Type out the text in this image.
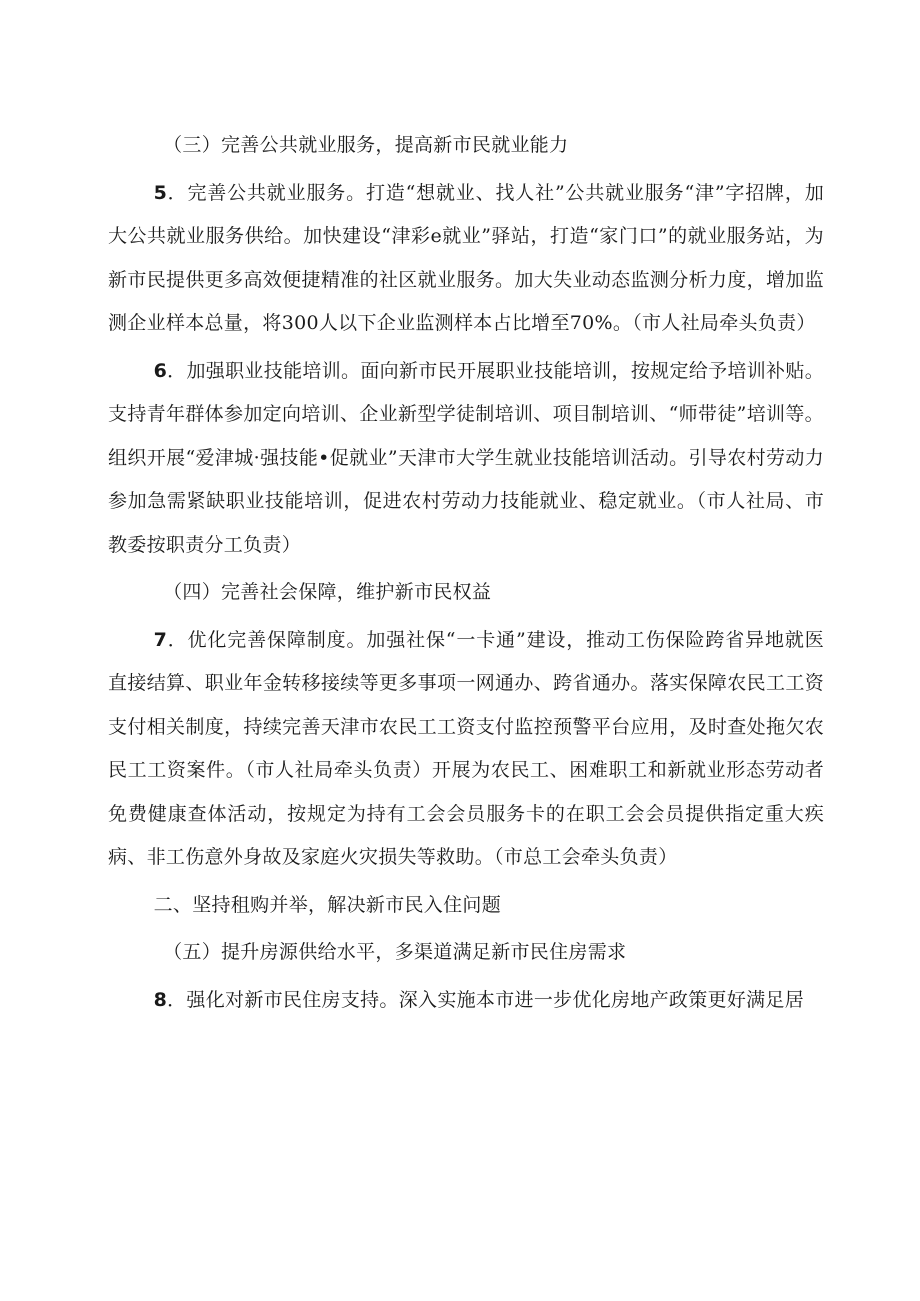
（三）完善公共就业服务，提高新市民就业能力

5．完善公共就业服务。打造“想就业、找人社”公共就业服务“津”字招牌，加大公共就业服务供给。加快建设“津彩e就业”驿站，打造“家门口”的就业服务站，为新市民提供更多高效便捷精准的社区就业服务。加大失业动态监测分析力度，增加监测企业样本总量，将300人以下企业监测样本占比增至70%。（市人社局牵头负责）

6．加强职业技能培训。面向新市民开展职业技能培训，按规定给予培训补贴。支持青年群体参加定向培训、企业新型学徒制培训、项目制培训、“师带徒”培训等。组织开展“爱津城·强技能•促就业”天津市大学生就业技能培训活动。引导农村劳动力参加急需紧缺职业技能培训，促进农村劳动力技能就业、稳定就业。（市人社局、市教委按职责分工负责）

（四）完善社会保障，维护新市民权益

7．优化完善保障制度。加强社保“一卡通”建设，推动工伤保险跨省异地就医直接结算、职业年金转移接续等更多事项一网通办、跨省通办。落实保障农民工工资支付相关制度，持续完善天津市农民工工资支付监控预警平台应用，及时查处拖欠农民工工资案件。（市人社局牵头负责）开展为农民工、困难职工和新就业形态劳动者免费健康查体活动，按规定为持有工会会员服务卡的在职工会会员提供指定重大疾病、非工伤意外身故及家庭火灾损失等救助。（市总工会牵头负责）

二、坚持租购并举，解决新市民入住问题

（五）提升房源供给水平，多渠道满足新市民住房需求

8．强化对新市民住房支持。深入实施本市进一步优化房地产政策更好满足居
